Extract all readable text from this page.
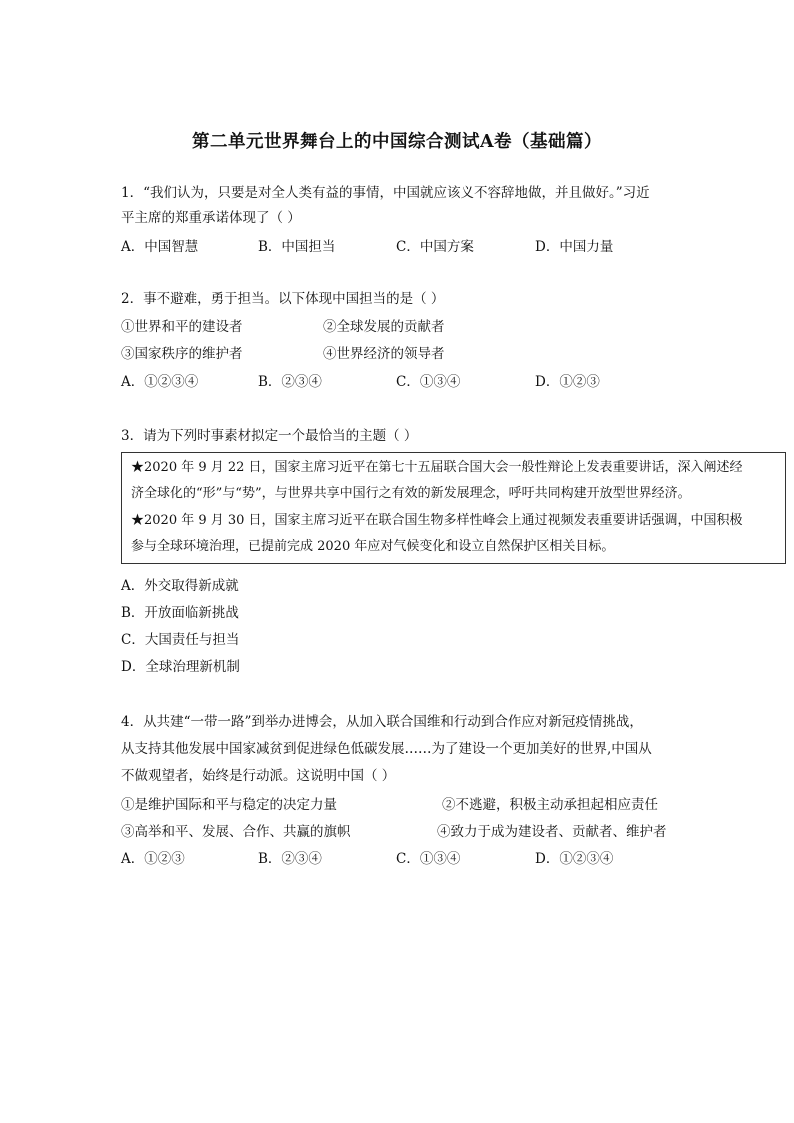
第二单元世界舞台上的中国综合测试A卷（基础篇）
1．“我们认为，只要是对全人类有益的事情，中国就应该义不容辞地做，并且做好。”习近
平主席的郑重承诺体现了（ ）
A．中国智慧	B．中国担当	C．中国方案	D．中国力量
2．事不避难，勇于担当。以下体现中国担当的是（ ）
①世界和平的建设者	②全球发展的贡献者
③国家秩序的维护者	④世界经济的领导者
A．①②③④	B．②③④	C．①③④	D．①②③
3．请为下列时事素材拟定一个最恰当的主题（ ）
★2020 年 9 月 22 日，国家主席习近平在第七十五届联合国大会一般性辩论上发表重要讲话，深入阐述经
济全球化的“形”与“势”，与世界共享中国行之有效的新发展理念，呼吁共同构建开放型世界经济。
★2020 年 9 月 30 日，国家主席习近平在联合国生物多样性峰会上通过视频发表重要讲话强调，中国积极
参与全球环境治理，已提前完成 2020 年应对气候变化和设立自然保护区相关目标。
A．外交取得新成就
B．开放面临新挑战
C．大国责任与担当
D．全球治理新机制
4．从共建“一带一路”到举办进博会，从加入联合国维和行动到合作应对新冠疫情挑战，
从支持其他发展中国家减贫到促进绿色低碳发展……为了建设一个更加美好的世界,中国从
不做观望者，始终是行动派。这说明中国（ ）
①是维护国际和平与稳定的决定力量	②不逃避，积极主动承担起相应责任
③高举和平、发展、合作、共赢的旗帜	④致力于成为建设者、贡献者、维护者
A．①②③	B．②③④	C．①③④	D．①②③④
